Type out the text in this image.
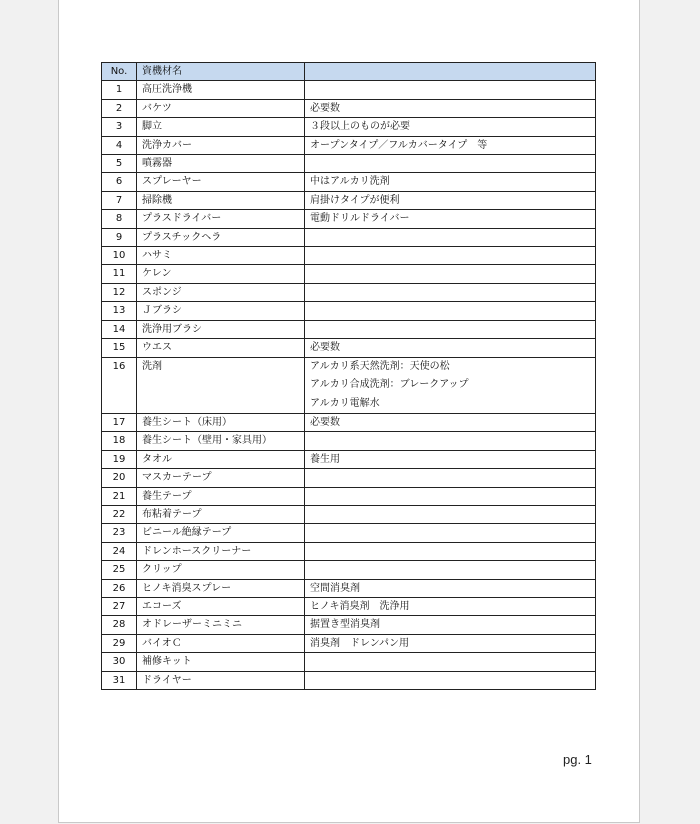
No.	資機材名	
1	高圧洗浄機	
2	バケツ	必要数
3	脚立	３段以上のものが必要
4	洗浄カバー	オープンタイプ／フルカバータイプ　等
5	噴霧器	
6	スプレーヤー	中はアルカリ洗剤
7	掃除機	肩掛けタイプが便利
8	プラスドライバー	電動ドリルドライバー
9	プラスチックヘラ	
10	ハサミ	
11	ケレン	
12	スポンジ	
13	Ｊブラシ	
14	洗浄用ブラシ	
15	ウエス	必要数
16	洗剤	アルカリ系天然洗剤：天使の松
アルカリ合成洗剤：ブレークアップ
アルカリ電解水

17	養生シート（床用）	必要数
18	養生シート（壁用・家具用）	
19	タオル	養生用
20	マスカーテープ	
21	養生テープ	
22	布粘着テープ	
23	ビニール絶縁テープ	
24	ドレンホースクリーナー	
25	クリップ	
26	ヒノキ消臭スプレー	空間消臭剤
27	エコーズ	ヒノキ消臭剤　洗浄用
28	オドレーザーミニミニ	据置き型消臭剤
29	バイオＣ	消臭剤　ドレンパン用
30	補修キット	
31	ドライヤー	
pg. 1
